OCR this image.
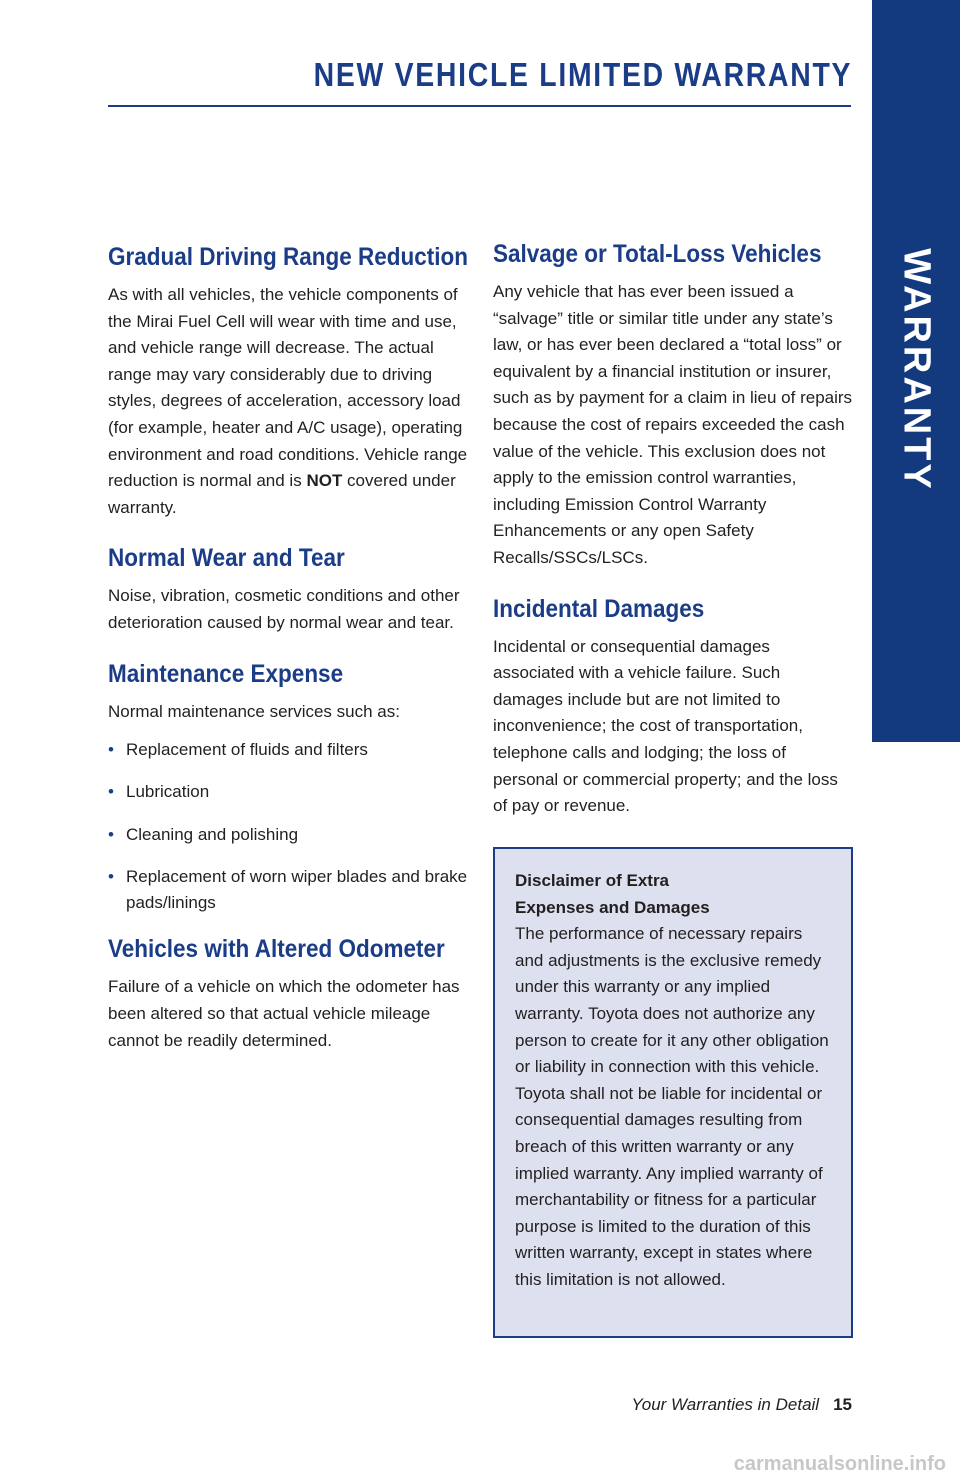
NEW VEHICLE LIMITED WARRANTY
WARRANTY
Gradual Driving Range Reduction

As with all vehicles, the vehicle components of the Mirai Fuel Cell will wear with time and use, and vehicle range will decrease. The actual range may vary considerably due to driving styles, degrees of acceleration, accessory load (for example, heater and A/C usage), operating environment and road conditions. Vehicle range reduction is normal and is NOT covered under warranty.

Normal Wear and Tear

Noise, vibration, cosmetic conditions and other deterioration caused by normal wear and tear.

Maintenance Expense

Normal maintenance services such as:

• Replacement of fluids and filters
• Lubrication
• Cleaning and polishing
• Replacement of worn wiper blades and brake pads/linings
Vehicles with Altered Odometer

Failure of a vehicle on which the odometer has been altered so that actual vehicle mileage cannot be readily determined.

Salvage or Total-Loss Vehicles

Any vehicle that has ever been issued a “salvage” title or similar title under any state’s law, or has ever been declared a “total loss” or equivalent by a financial institution or insurer, such as by payment for a claim in lieu of repairs because the cost of repairs exceeded the cash value of the vehicle. This exclusion does not apply to the emission control warranties, including Emission Control Warranty Enhancements or any open Safety Recalls/SSCs/LSCs.

Incidental Damages

Incidental or consequential damages associated with a vehicle failure. Such damages include but are not limited to inconvenience; the cost of transportation, telephone calls and lodging; the loss of personal or commercial property; and the loss of pay or revenue.

Disclaimer of Extra Expenses and Damages

The performance of necessary repairs and adjustments is the exclusive remedy under this warranty or any implied warranty. Toyota does not authorize any person to create for it any other obligation or liability in connection with this vehicle. Toyota shall not be liable for incidental or consequential damages resulting from breach of this written warranty or any implied warranty. Any implied warranty of merchantability or fitness for a particular purpose is limited to the duration of this written warranty, except in states where this limitation is not allowed.

Your Warranties in Detail 15
carmanualsonline.info
